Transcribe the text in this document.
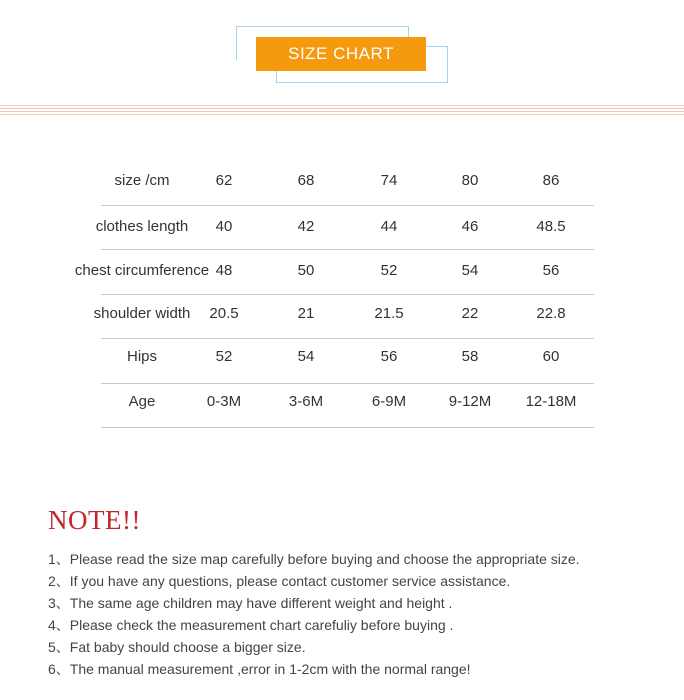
SIZE CHART
size /cm	62	68	74	80	86
clothes length 40	42	44	46	48.5
chest circumference 48	50	52	54	56
shoulder width 20.5	21	21.5	22	22.8
Hips	52	54	56	58	60
Age	0-3M	3-6M	6-9M	9-12M 12-18M
NOTE!!
1、Please read the size map carefully before buying and choose the appropriate size.
2、If you have any questions, please contact customer service assistance.
3、The same age children may have different weight and height .
4、Please check the measurement chart carefuliy before buying .
5、Fat baby should choose a bigger size.
6、The manual measurement ,error in 1-2cm with the normal range!
